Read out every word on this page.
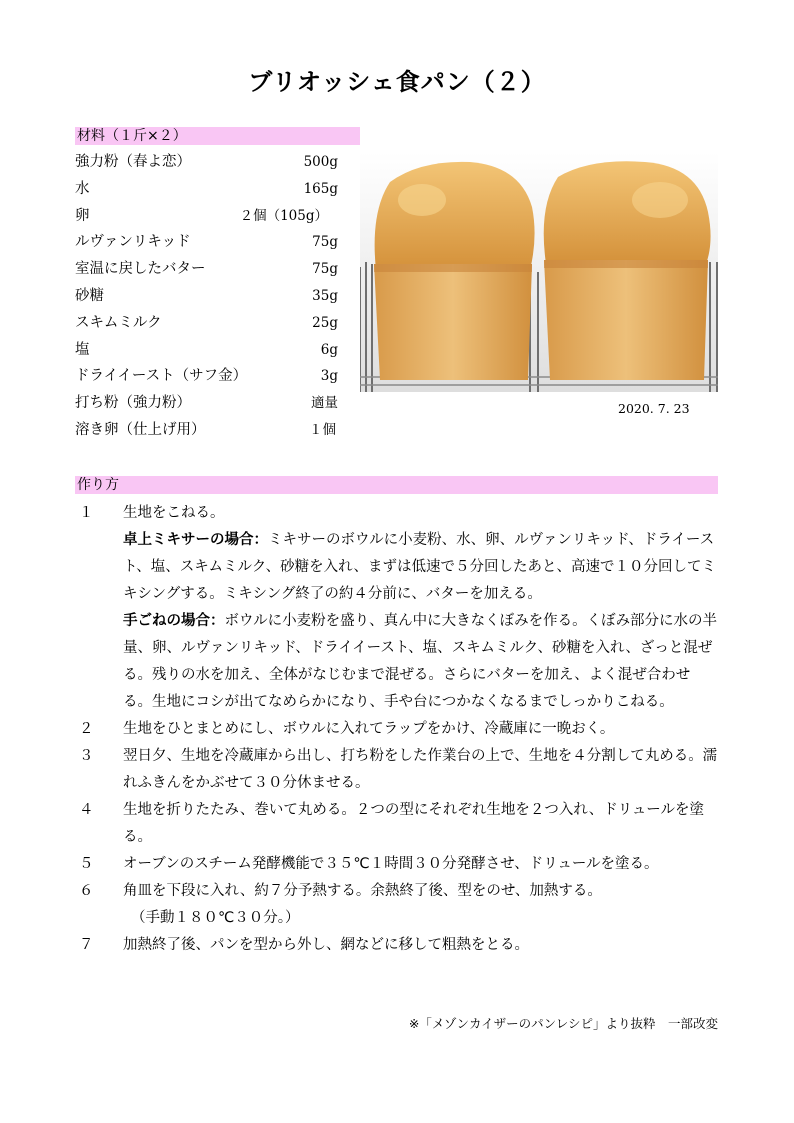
ブリオッシェ食パン（２）
材料（１斤×２）
強力粉（春よ恋）	500g
水	165g
卵	２個（105g）
ルヴァンリキッド	75g
室温に戻したバター	75g
砂糖	35g
スキムミルク	25g
塩	6g
ドライイースト（サフ金）	3g
打ち粉（強力粉）	適量
溶き卵（仕上げ用）	１個
2020. 7. 23
作り方
１ 生地をこねる。
卓上ミキサーの場合：ミキサーのボウルに小麦粉、水、卵、ルヴァンリキッド、ドライースト、塩、スキムミルク、砂糖を入れ、まずは低速で５分回したあと、高速で１０分回してミキシングする。ミキシング終了の約４分前に、バターを加える。
手ごねの場合：ボウルに小麦粉を盛り、真ん中に大きなくぼみを作る。くぼみ部分に水の半量、卵、ルヴァンリキッド、ドライイースト、塩、スキムミルク、砂糖を入れ、ざっと混ぜる。残りの水を加え、全体がなじむまで混ぜる。さらにバターを加え、よく混ぜ合わせる。生地にコシが出てなめらかになり、手や台につかなくなるまでしっかりこねる。
２ 生地をひとまとめにし、ボウルに入れてラップをかけ、冷蔵庫に一晩おく。
３ 翌日夕、生地を冷蔵庫から出し、打ち粉をした作業台の上で、生地を４分割して丸める。濡れふきんをかぶせて３０分休ませる。
４ 生地を折りたたみ、巻いて丸める。２つの型にそれぞれ生地を２つ入れ、ドリュールを塗る。
５ オーブンのスチーム発酵機能で３５℃１時間３０分発酵させ、ドリュールを塗る。
６ 角皿を下段に入れ、約７分予熱する。余熱終了後、型をのせ、加熱する。
（手動１８０℃３０分。）
７ 加熱終了後、パンを型から外し、網などに移して粗熱をとる。
※「メゾンカイザーのパンレシピ」より抜粋　一部改変
